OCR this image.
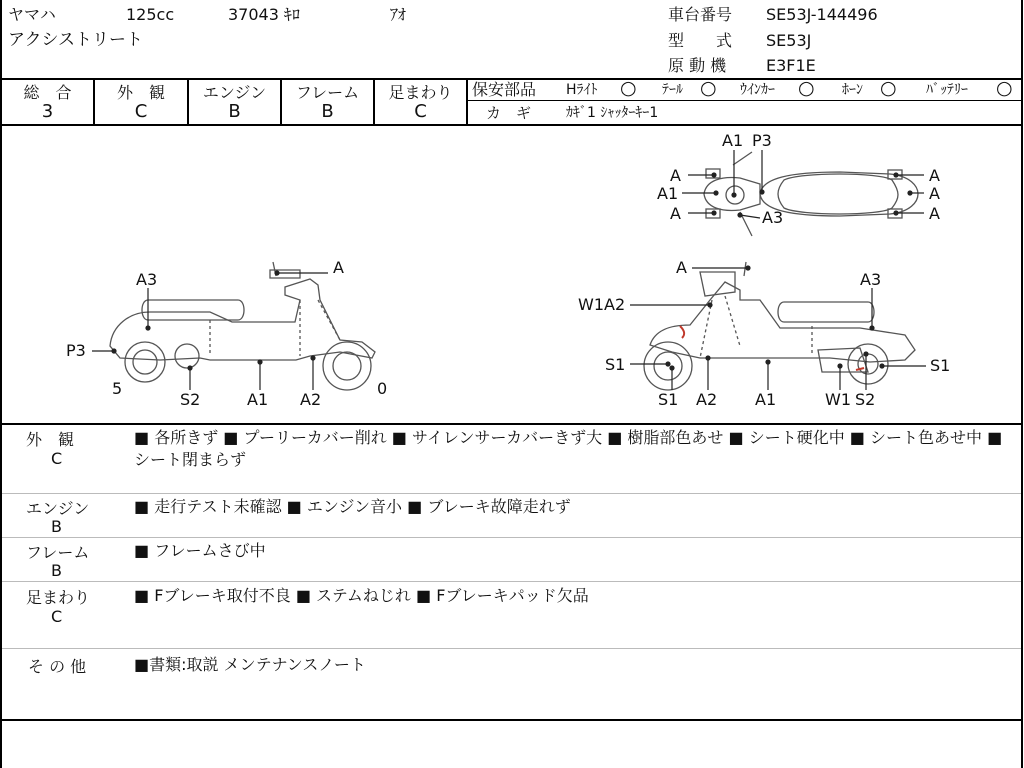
ヤマハ	125cc	37043 ｷﾛ	ｱｵ
アクシストリート
車台番号 SE53J-144496
型　　式 SE53J
原 動 機 E3F1E
総　合
3
外　観
C
エンジン
B
フレーム
B
足まわり
C
保安部品 Hﾗｲﾄ ○ ﾃｰﾙ ○ ｳｲﾝｶｰ ○ ﾎｰﾝ ○ ﾊﾞｯﾃﾘｰ ○
カ　ギ ｶｷﾞ1 ｼｬｯﾀｰｷｰ1
A
A3
P3
5
S2	A1 A2
0
A
A3
W1A2
S1
S1
S1
A2 A1	W1 S2
A1 P3
A
A1
A	A3
A
A
A
外　観
C
■ 各所きず ■ プーリーカバー削れ ■ サイレンサーカバーきず大 ■ 樹脂部色あせ ■ シート硬化中 ■ シート色あせ中 ■ シート閉まらず
エンジン
B
■ 走行テスト未確認 ■ エンジン音小 ■ ブレーキ故障走れず
フレーム
B
■ フレームさび中
足まわり
C
■ Fブレーキ取付不良 ■ ステムねじれ ■ Fブレーキパッド欠品
そ の 他	■書類:取説 メンテナンスノート
